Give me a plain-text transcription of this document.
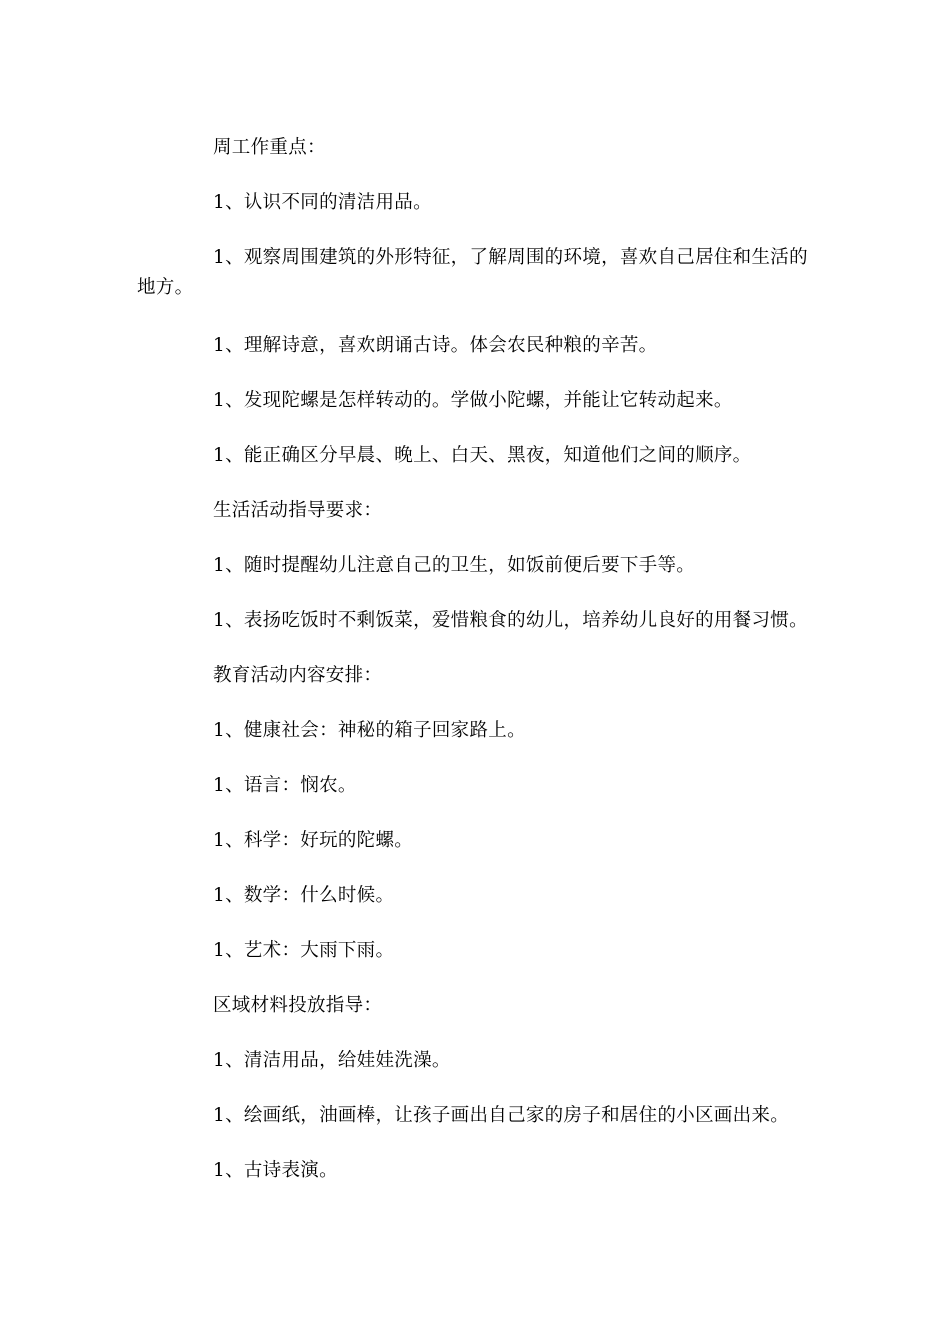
周工作重点：

1、认识不同的清洁用品。

1、观察周围建筑的外形特征，了解周围的环境，喜欢自己居住和生活的地方。

1、理解诗意，喜欢朗诵古诗。体会农民种粮的辛苦。

1、发现陀螺是怎样转动的。学做小陀螺，并能让它转动起来。

1、能正确区分早晨、晚上、白天、黑夜，知道他们之间的顺序。

生活活动指导要求：

1、随时提醒幼儿注意自己的卫生，如饭前便后要下手等。

1、表扬吃饭时不剩饭菜，爱惜粮食的幼儿，培养幼儿良好的用餐习惯。

教育活动内容安排：

1、健康社会：神秘的箱子回家路上。

1、语言：悯农。

1、科学：好玩的陀螺。

1、数学：什么时候。

1、艺术：大雨下雨。

区域材料投放指导：

1、清洁用品，给娃娃洗澡。

1、绘画纸，油画棒，让孩子画出自己家的房子和居住的小区画出来。

1、古诗表演。
